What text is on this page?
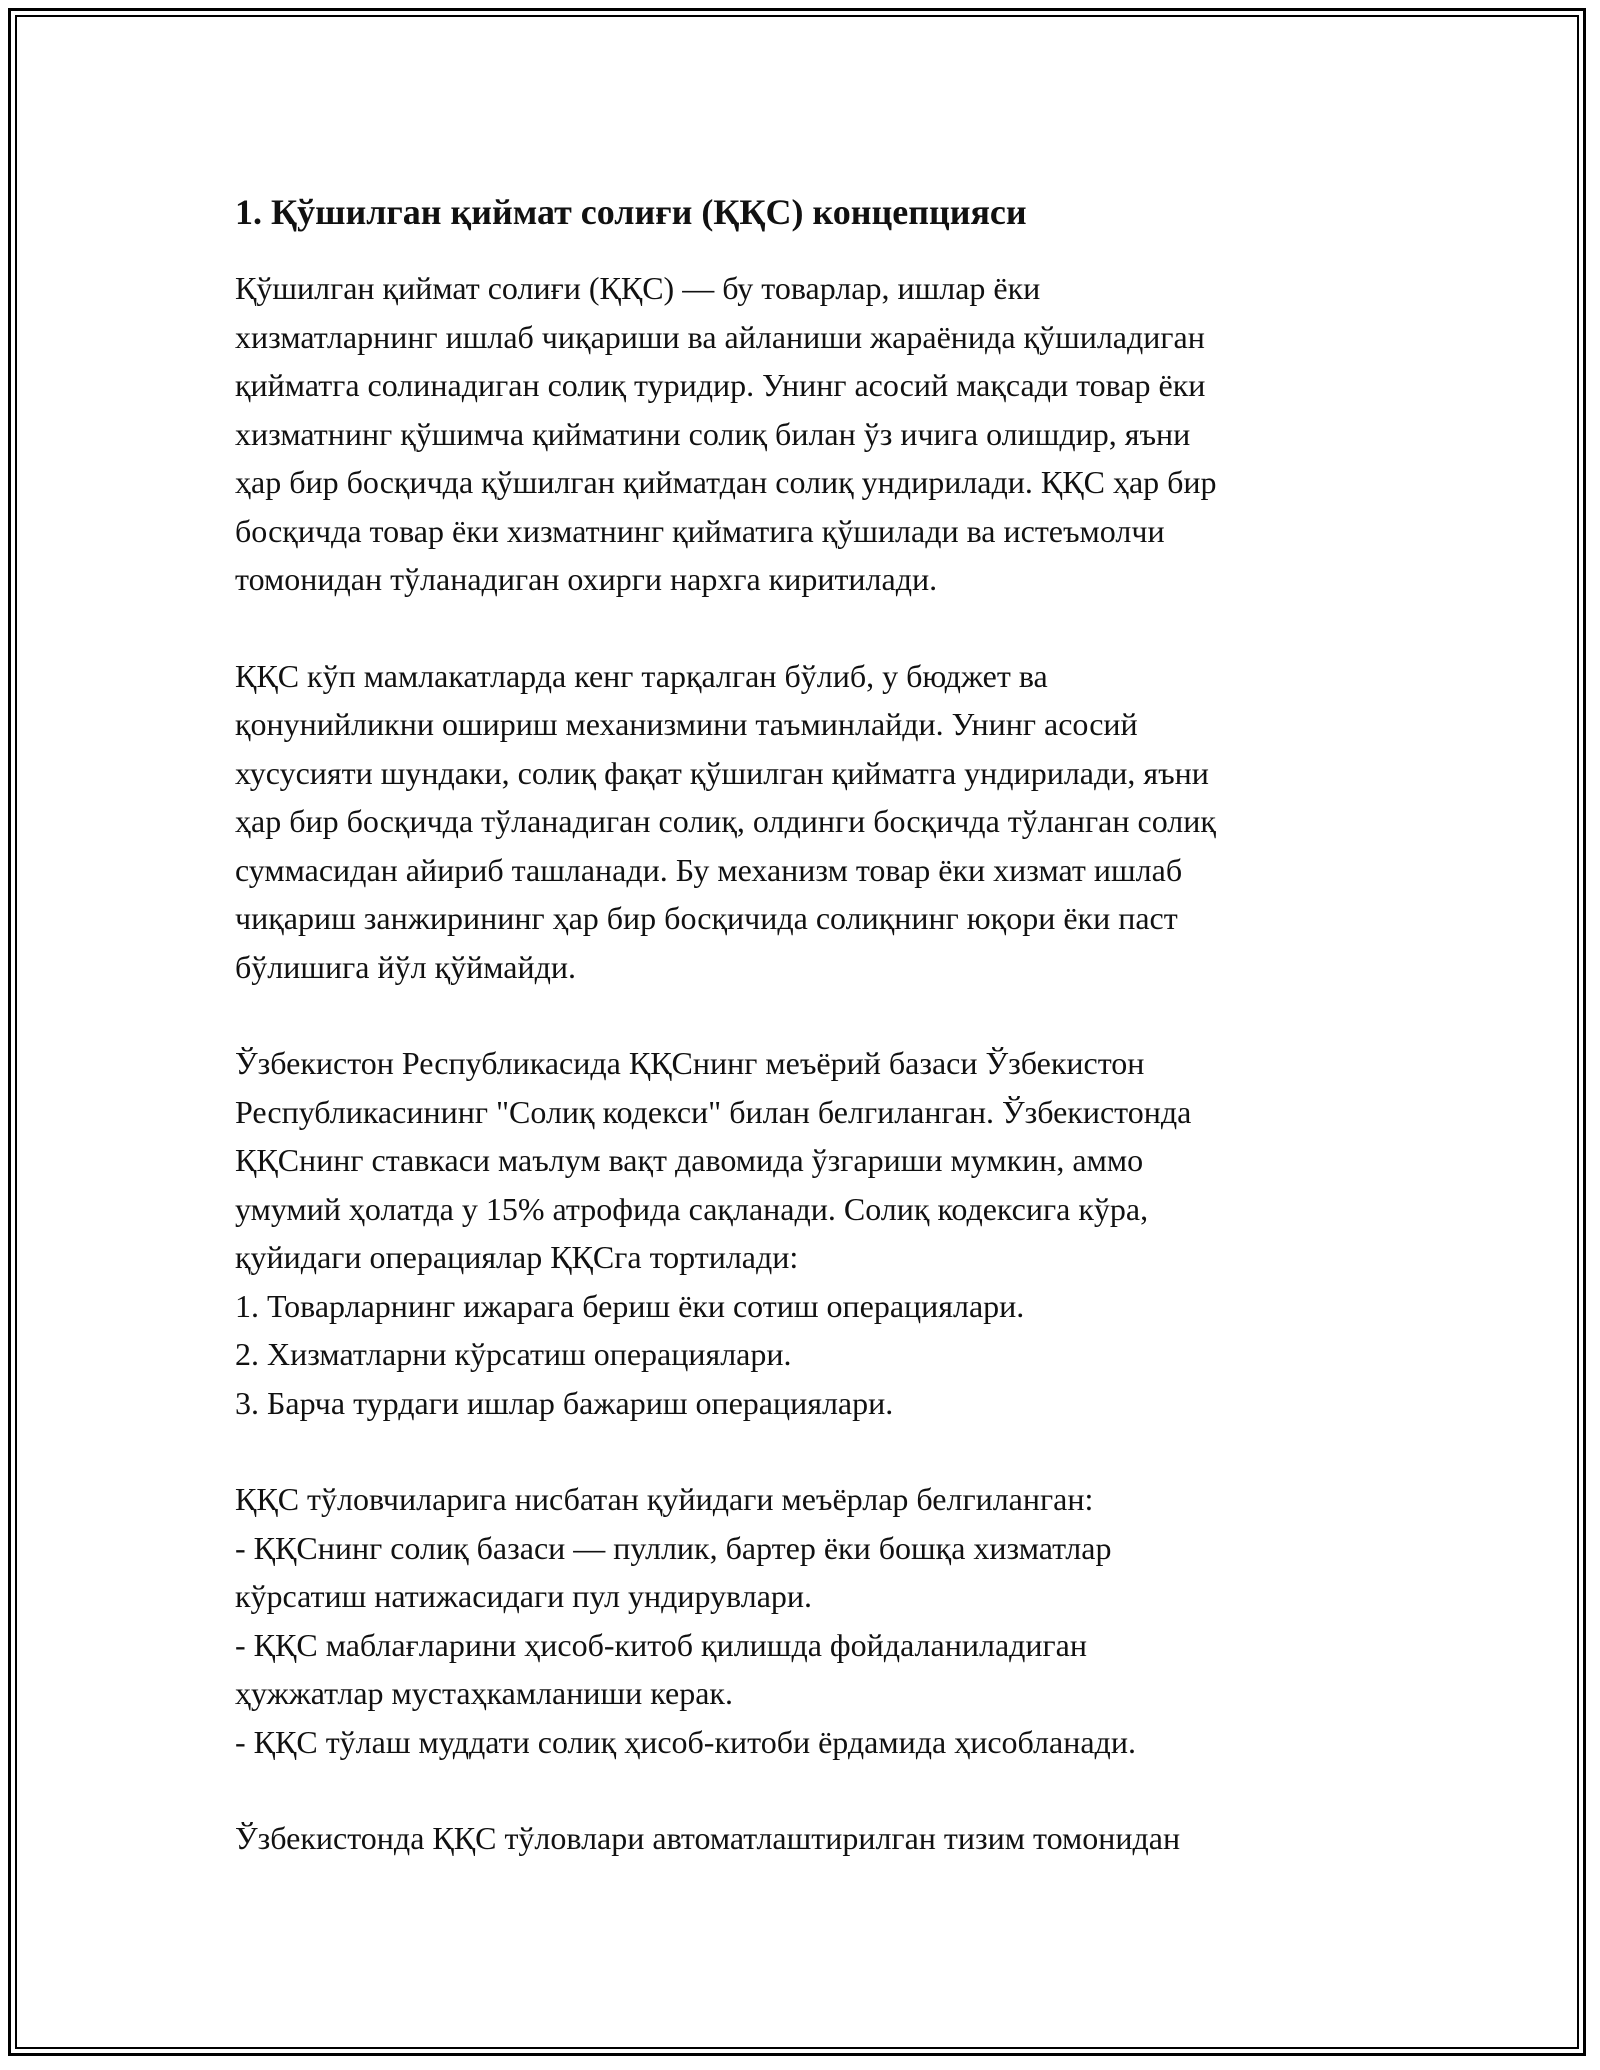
1. Қўшилган қиймат солиғи (ҚҚС) концепцияси
Қўшилган қиймат солиғи (ҚҚС) — бу товарлар, ишлар ёки
хизматларнинг ишлаб чиқариши ва айланиши жараёнида қўшиладиган
қийматга солинадиган солиқ туридир. Унинг асосий мақсади товар ёки
хизматнинг қўшимча қийматини солиқ билан ўз ичига олишдир, яъни
ҳар бир босқичда қўшилган қийматдан солиқ ундирилади. ҚҚС ҳар бир
босқичда товар ёки хизматнинг қийматига қўшилади ва истеъмолчи
томонидан тўланадиган охирги нархга киритилади.
ҚҚС кўп мамлакатларда кенг тарқалган бўлиб, у бюджет ва
қонунийликни ошириш механизмини таъминлайди. Унинг асосий
хусусияти шундаки, солиқ фақат қўшилган қийматга ундирилади, яъни
ҳар бир босқичда тўланадиган солиқ, олдинги босқичда тўланган солиқ
суммасидан айириб ташланади. Бу механизм товар ёки хизмат ишлаб
чиқариш занжирининг ҳар бир босқичида солиқнинг юқори ёки паст
бўлишига йўл қўймайди.
Ўзбекистон Республикасида ҚҚСнинг меъёрий базаси Ўзбекистон
Республикасининг "Солиқ кодекси" билан белгиланган. Ўзбекистонда
ҚҚСнинг ставкаси маълум вақт давомида ўзгариши мумкин, аммо
умумий ҳолатда у 15% атрофида сақланади. Солиқ кодексига кўра,
қуйидаги операциялар ҚҚСга тортилади:
1. Товарларнинг ижарага бериш ёки сотиш операциялари.
2. Хизматларни кўрсатиш операциялари.
3. Барча турдаги ишлар бажариш операциялари.
ҚҚС тўловчиларига нисбатан қуйидаги меъёрлар белгиланган:
- ҚҚСнинг солиқ базаси — пуллик, бартер ёки бошқа хизматлар
кўрсатиш натижасидаги пул ундирувлари.
- ҚҚС маблағларини ҳисоб-китоб қилишда фойдаланиладиган
ҳужжатлар мустаҳкамланиши керак.
- ҚҚС тўлаш муддати солиқ ҳисоб-китоби ёрдамида ҳисобланади.
Ўзбекистонда ҚҚС тўловлари автоматлаштирилган тизим томонидан
